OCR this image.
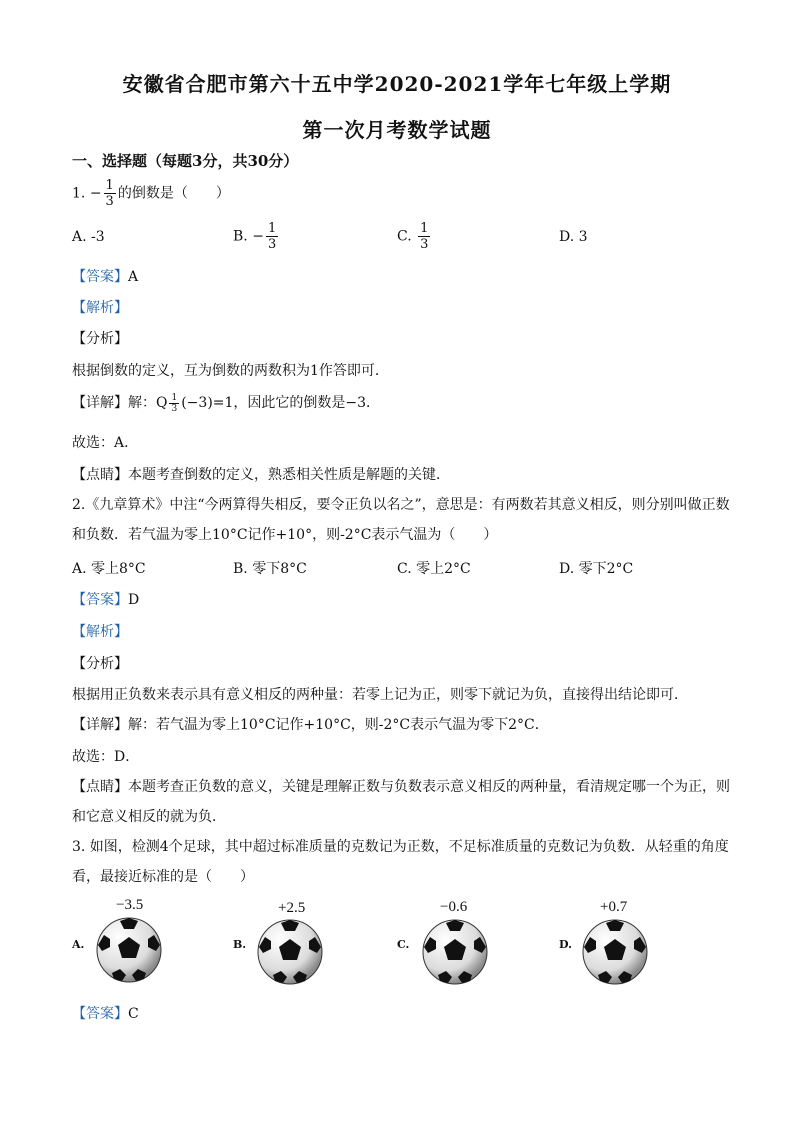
安徽省合肥市第六十五中学2020-2021学年七年级上学期
第一次月考数学试题
一、选择题（每题3分，共30分）
1. − $\frac{1}{3}$ 的倒数是（　　）
A. -3	B. − $\frac{1}{3}$	C. $\frac{1}{3}$	D. 3
【答案】A
【解析】
【分析】
根据倒数的定义，互为倒数的两数积为1作答即可．
【详解】解：Q $\frac{1}{3} (-3)=1$，因此它的倒数是−3．
故选：A．
【点睛】本题考查倒数的定义，熟悉相关性质是解题的关键．
2.《九章算术》中注“今两算得失相反，要令正负以名之”，意思是：有两数若其意义相反，则分别叫做正数和负数．若气温为零上10°C记作+10°，则-2°C表示气温为（　　）
A. 零上8°C	B. 零下8°C	C. 零上2°C	D. 零下2°C
【答案】D
【解析】
【分析】
根据用正负数来表示具有意义相反的两种量：若零上记为正，则零下就记为负，直接得出结论即可．
【详解】解：若气温为零上10°C记作+10°C，则-2°C表示气温为零下2°C．
故选：D．
【点睛】本题考查正负数的意义，关键是理解正数与负数表示意义相反的两种量，看清规定哪一个为正，则和它意义相反的就为负．
3. 如图，检测4个足球，其中超过标准质量的克数记为正数，不足标准质量的克数记为负数．从轻重的角度看，最接近标准的是（　　）
−3.5
A.
+2.5
B.
−0.6
C.
+0.7
D.
【答案】C
